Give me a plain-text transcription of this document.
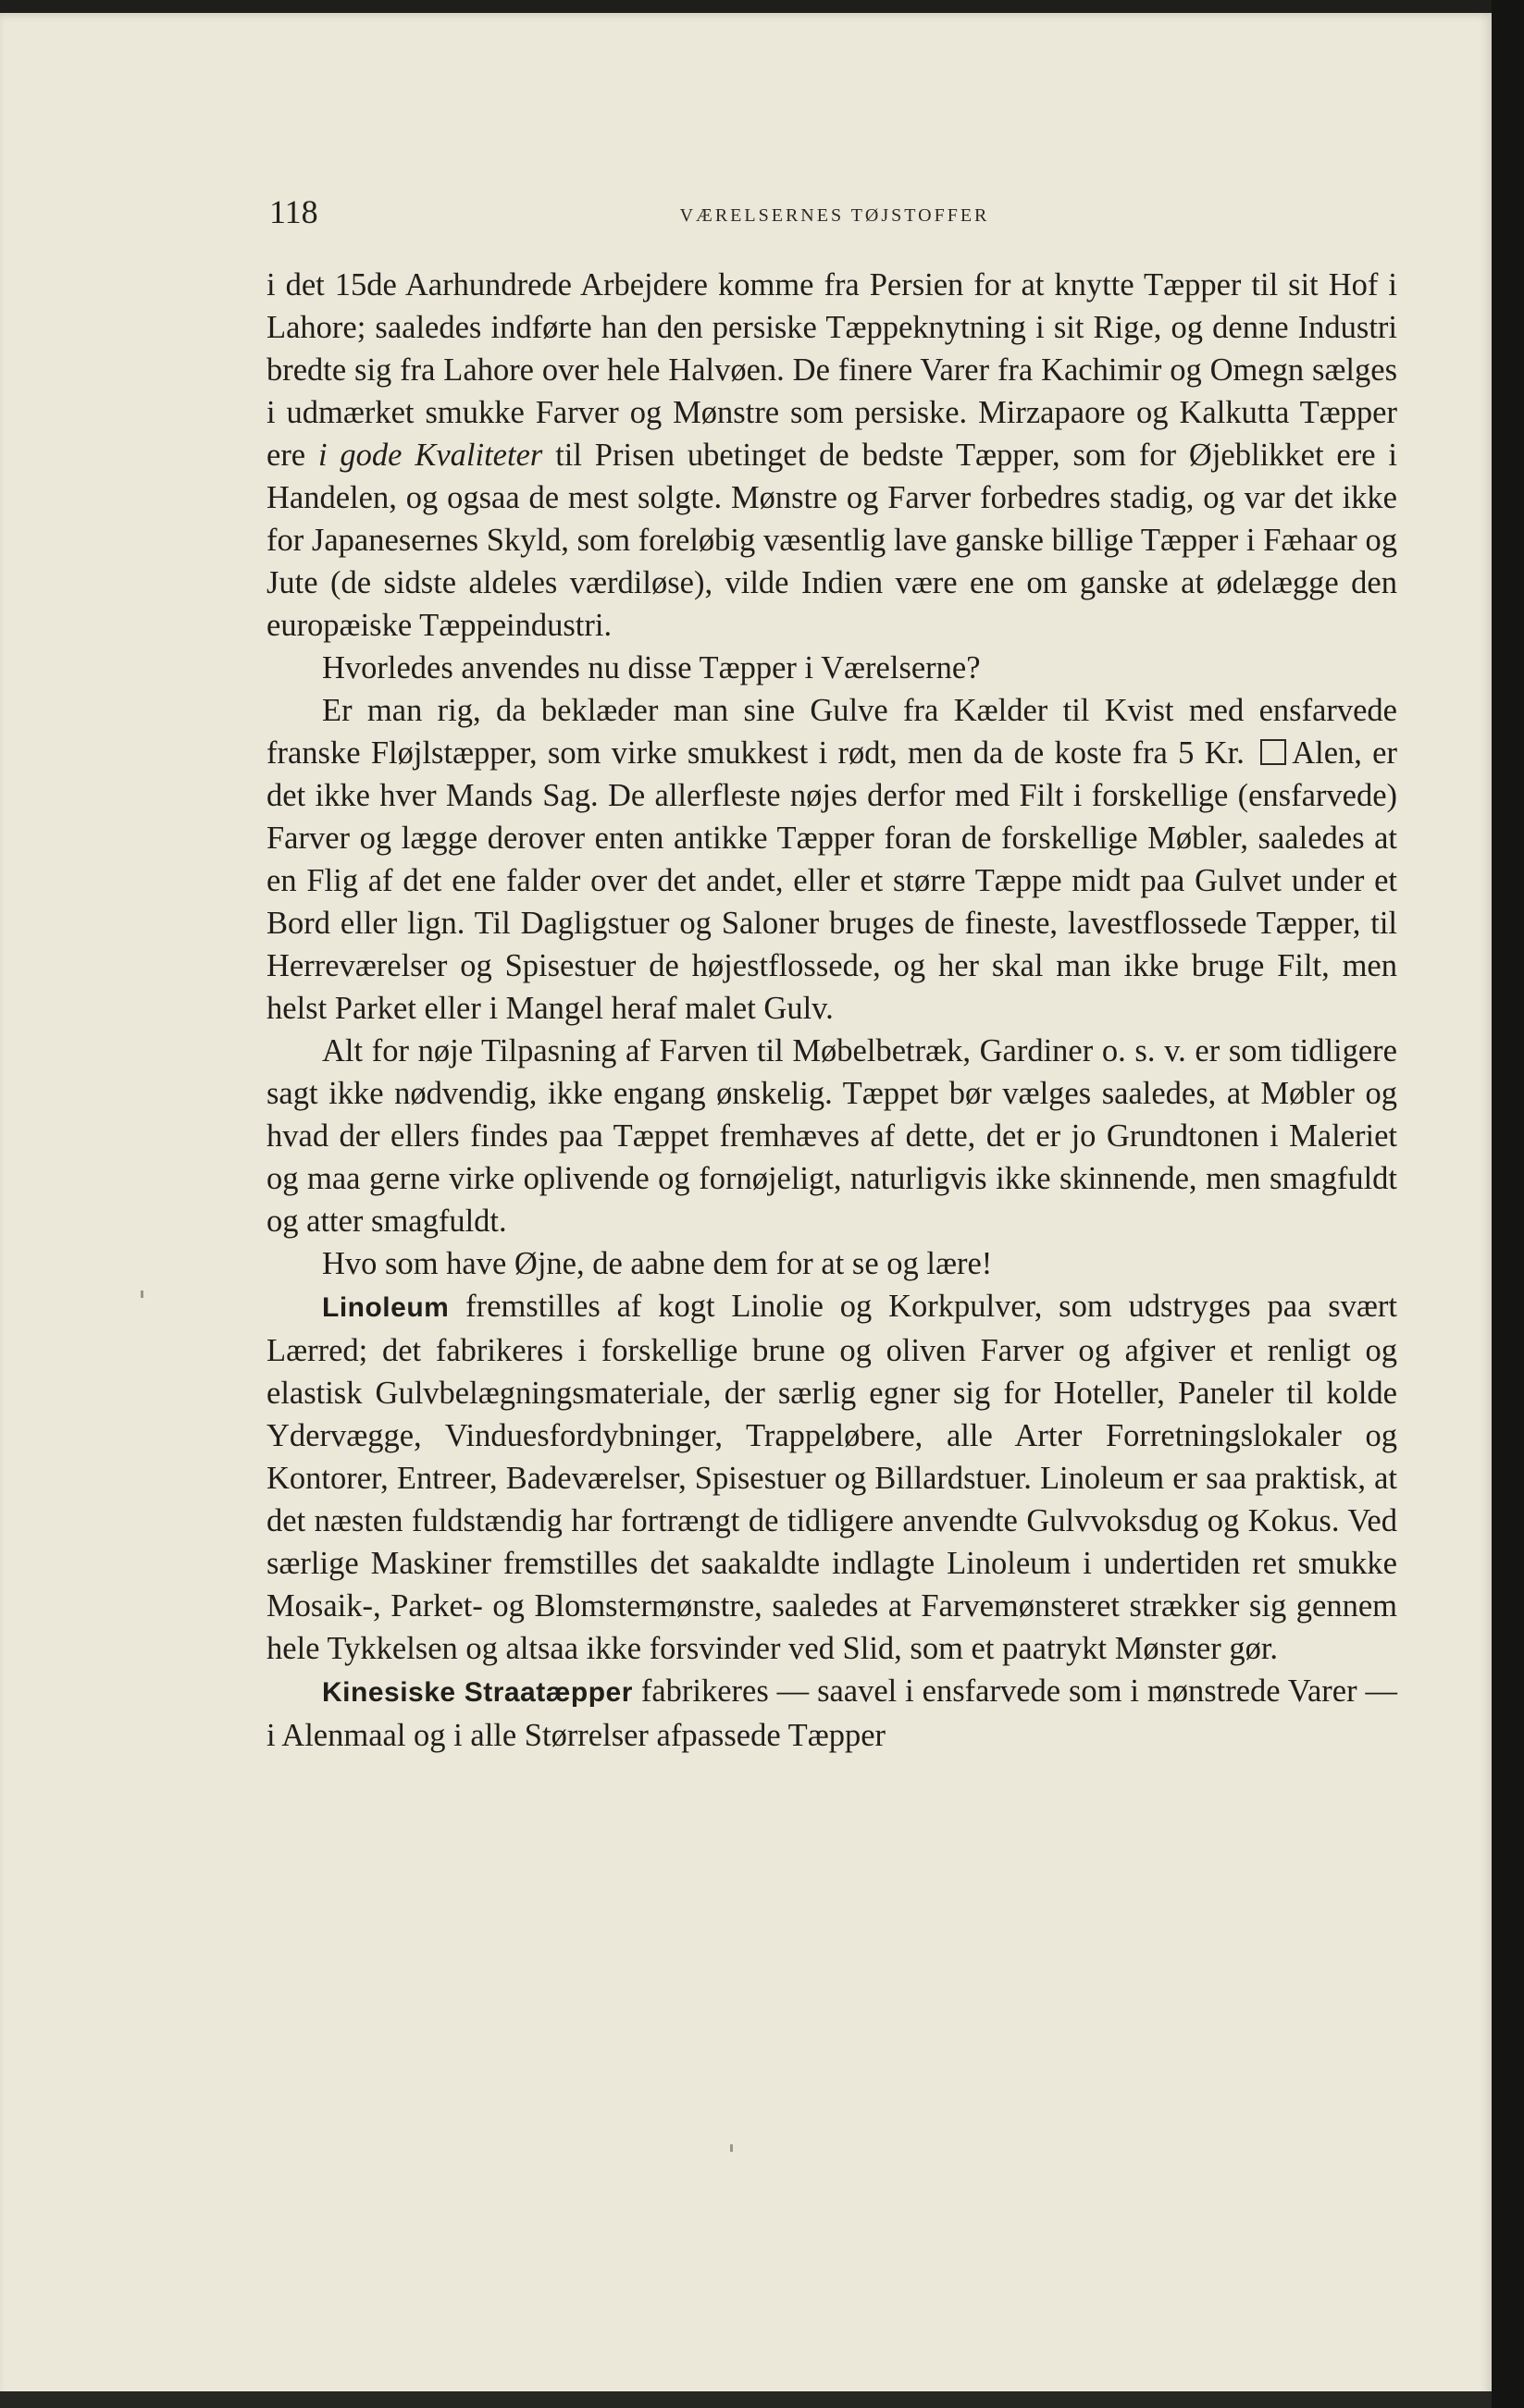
118	VÆRELSERNES TØJSTOFFER

i det 15de Aarhundrede Arbejdere komme fra Persien for at knytte Tæpper til sit Hof i Lahore; saaledes indførte han den persiske Tæppeknytning i sit Rige, og denne Industri bredte sig fra Lahore over hele Halvøen. De finere Varer fra Kachimir og Omegn sælges i udmærket smukke Farver og Mønstre som persiske. Mirzapaore og Kalkutta Tæpper ere i gode Kvaliteter til Prisen ubetinget de bedste Tæpper, som for Øjeblikket ere i Handelen, og ogsaa de mest solgte. Mønstre og Farver forbedres stadig, og var det ikke for Japanesernes Skyld, som foreløbig væsentlig lave ganske billige Tæpper i Fæhaar og Jute (de sidste aldeles værdiløse), vilde Indien være ene om ganske at ødelægge den europæiske Tæppeindustri.

Hvorledes anvendes nu disse Tæpper i Værelserne?

Er man rig, da beklæder man sine Gulve fra Kælder til Kvist med ensfarvede franske Fløjlstæpper, som virke smukkest i rødt, men da de koste fra 5 Kr. Alen, er det ikke hver Mands Sag. De allerfleste nøjes derfor med Filt i forskellige (ensfarvede) Farver og lægge derover enten antikke Tæpper foran de forskellige Møbler, saaledes at en Flig af det ene falder over det andet, eller et større Tæppe midt paa Gulvet under et Bord eller lign. Til Dagligstuer og Saloner bruges de fineste, lavestflossede Tæpper, til Herreværelser og Spisestuer de højestflossede, og her skal man ikke bruge Filt, men helst Parket eller i Mangel heraf malet Gulv.

Alt for nøje Tilpasning af Farven til Møbelbetræk, Gardiner o. s. v. er som tidligere sagt ikke nødvendig, ikke engang ønskelig. Tæppet bør vælges saaledes, at Møbler og hvad der ellers findes paa Tæppet fremhæves af dette, det er jo Grundtonen i Maleriet og maa gerne virke oplivende og fornøjeligt, naturligvis ikke skinnende, men smagfuldt og atter smagfuldt.

Hvo som have Øjne, de aabne dem for at se og lære!

Linoleum fremstilles af kogt Linolie og Korkpulver, som udstryges paa svært Lærred; det fabrikeres i forskellige brune og oliven Farver og afgiver et renligt og elastisk Gulvbelægningsmateriale, der særlig egner sig for Hoteller, Paneler til kolde Ydervægge, Vinduesfordybninger, Trappeløbere, alle Arter Forretningslokaler og Kontorer, Entreer, Badeværelser, Spisestuer og Billardstuer. Linoleum er saa praktisk, at det næsten fuldstændig har fortrængt de tidligere anvendte Gulvvoksdug og Kokus. Ved særlige Maskiner fremstilles det saakaldte indlagte Linoleum i undertiden ret smukke Mosaik-, Parket- og Blomstermønstre, saaledes at Farvemønsteret strækker sig gennem hele Tykkelsen og altsaa ikke forsvinder ved Slid, som et paatrykt Mønster gør.

Kinesiske Straatæpper fabrikeres — saavel i ensfarvede som i mønstrede Varer — i Alenmaal og i alle Størrelser afpassede Tæpper
